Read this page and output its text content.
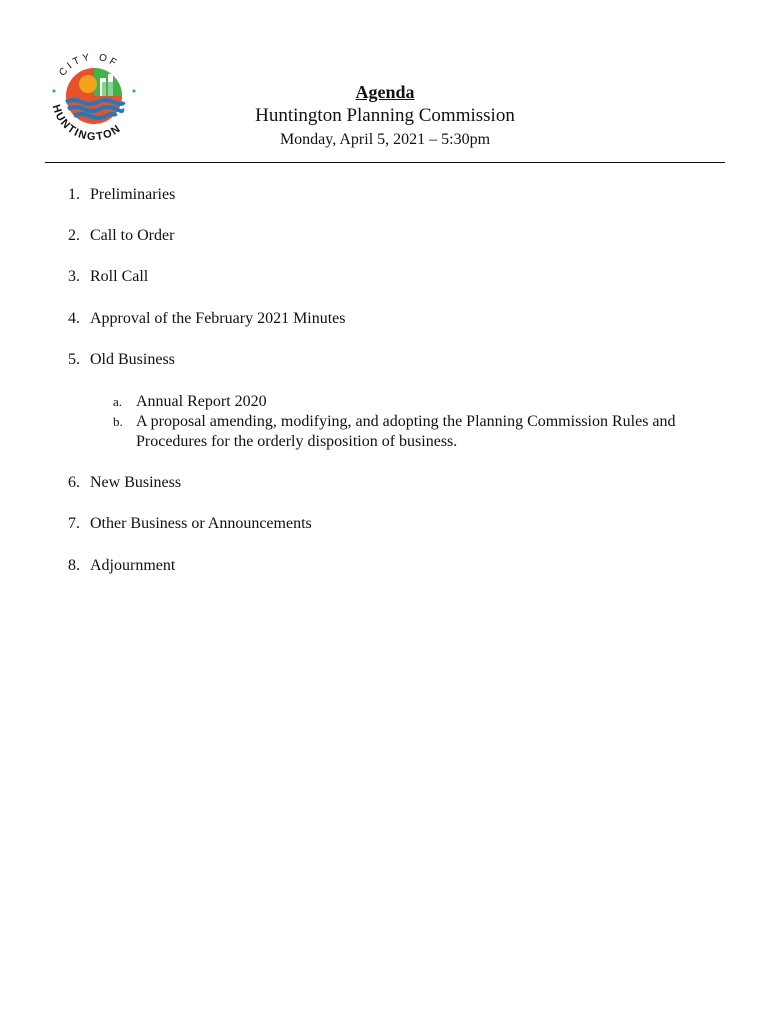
CITY OF
HUNTINGTON
Agenda
Huntington Planning Commission
Monday, April 5, 2021 – 5:30pm
1. Preliminaries
2. Call to Order
3. Roll Call
4. Approval of the February 2021 Minutes
5. Old Business
a. Annual Report 2020
b. A proposal amending, modifying, and adopting the Planning Commission Rules and Procedures for the orderly disposition of business.
6. New Business
7. Other Business or Announcements
8. Adjournment
